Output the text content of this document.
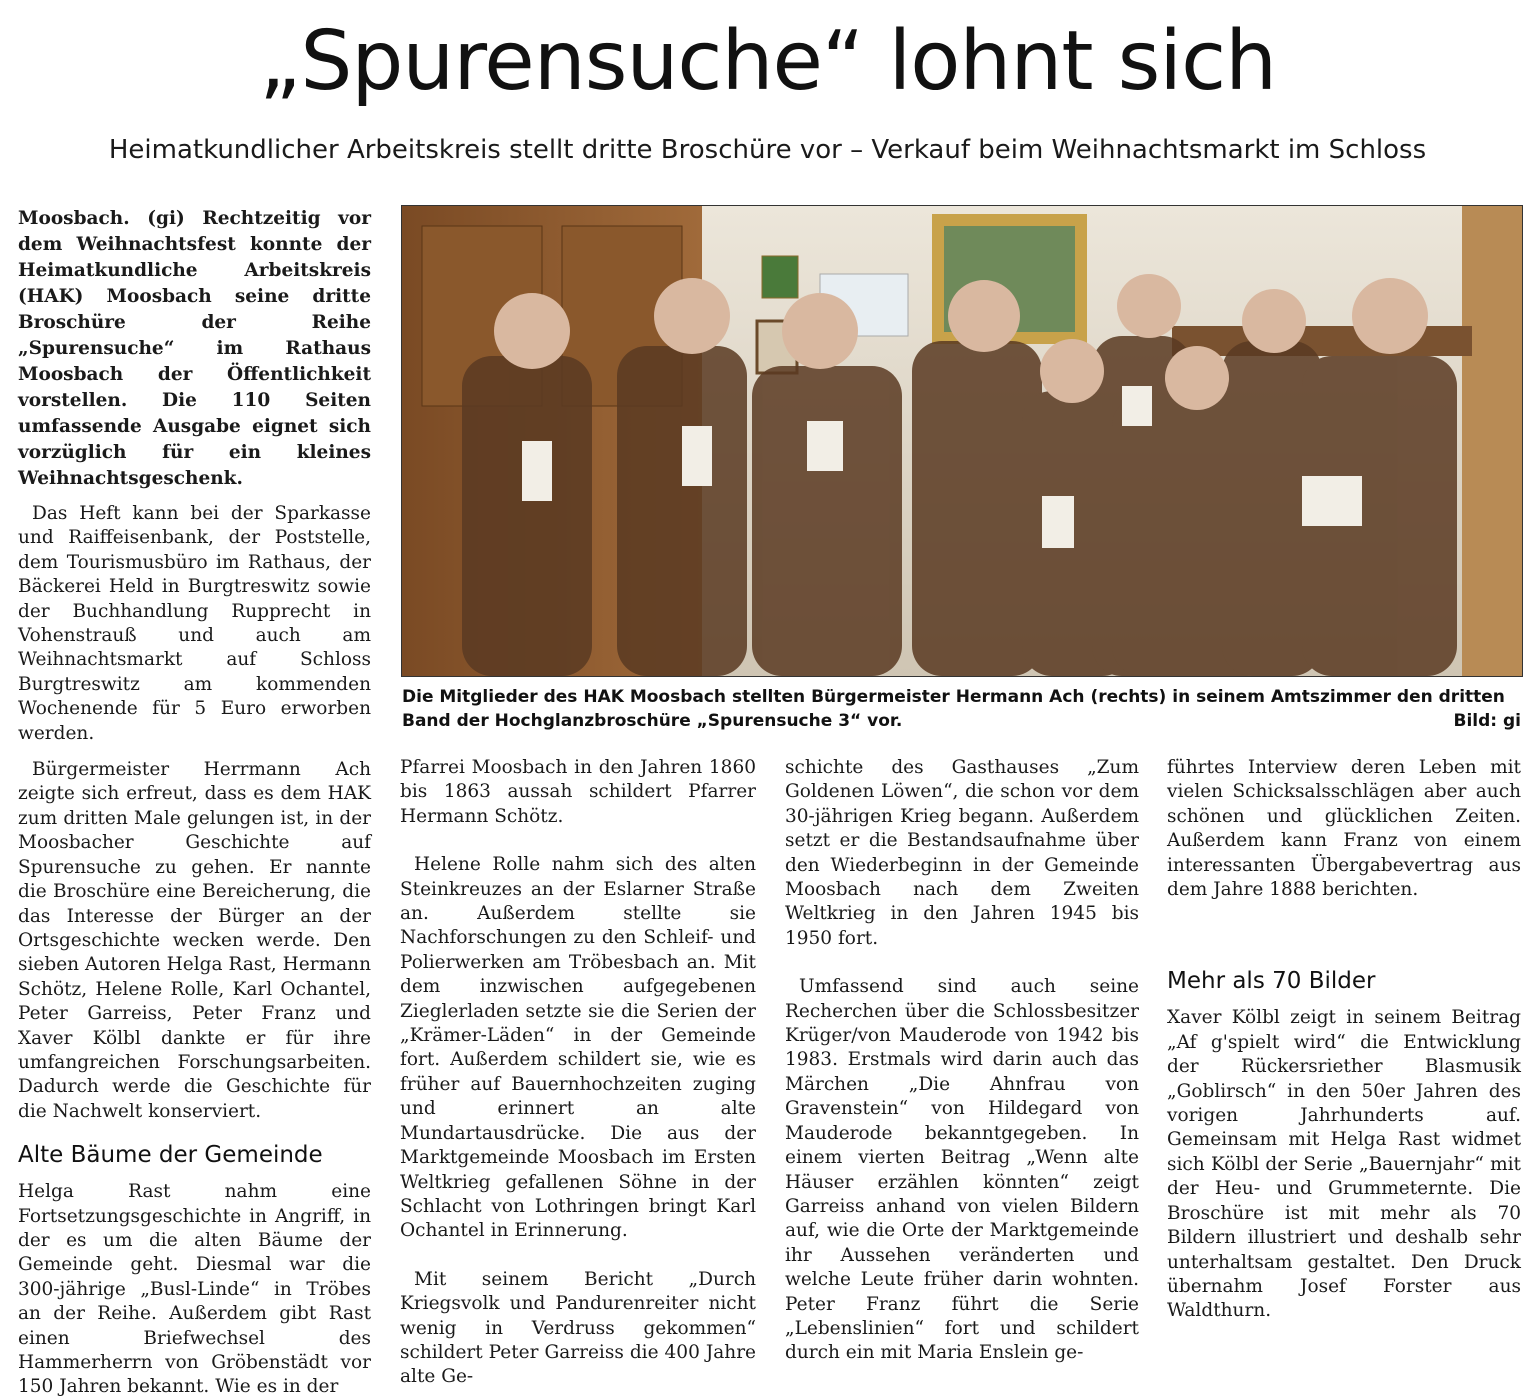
„Spurensuche“ lohnt sich
Heimatkundlicher Arbeitskreis stellt dritte Broschüre vor – Verkauf beim Weihnachtsmarkt im Schloss

Moosbach. (gi) Rechtzeitig vor dem Weihnachtsfest konnte der Heimatkundliche Arbeitskreis (HAK) Moosbach seine dritte Broschüre der Reihe „Spurensuche“ im Rathaus Moosbach der Öffentlichkeit vorstellen. Die 110 Seiten umfassende Ausgabe eignet sich vorzüglich für ein kleines Weihnachtsgeschenk.

Das Heft kann bei der Sparkasse und Raiffeisenbank, der Poststelle, dem Tourismusbüro im Rathaus, der Bäckerei Held in Burgtreswitz sowie der Buchhandlung Rupprecht in Vohenstrauß und auch am Weihnachtsmarkt auf Schloss Burgtreswitz am kommenden Wochenende für 5 Euro erworben werden.

Bürgermeister Herrmann Ach zeigte sich erfreut, dass es dem HAK zum dritten Male gelungen ist, in der Moosbacher Geschichte auf Spurensuche zu gehen. Er nannte die Broschüre eine Bereicherung, die das Interesse der Bürger an der Ortsgeschichte wecken werde. Den sieben Autoren Helga Rast, Hermann Schötz, Helene Rolle, Karl Ochantel, Peter Garreiss, Peter Franz und Xaver Kölbl dankte er für ihre umfangreichen Forschungsarbeiten. Dadurch werde die Geschichte für die Nachwelt konserviert.

Alte Bäume der Gemeinde

Helga Rast nahm eine Fortsetzungsgeschichte in Angriff, in der es um die alten Bäume der Gemeinde geht. Diesmal war die 300-jährige „Busl-Linde“ in Tröbes an der Reihe. Außerdem gibt Rast einen Briefwechsel des Hammerherrn von Gröbenstädt vor 150 Jahren bekannt. Wie es in der

Die Mitglieder des HAK Moosbach stellten Bürgermeister Hermann Ach (rechts) in seinem Amtszimmer den dritten Band der Hochglanzbroschüre „Spurensuche 3“ vor.	Bild: gi

Pfarrei Moosbach in den Jahren 1860 bis 1863 aussah schildert Pfarrer Hermann Schötz.

Helene Rolle nahm sich des alten Steinkreuzes an der Eslarner Straße an. Außerdem stellte sie Nachforschungen zu den Schleif- und Polierwerken am Tröbesbach an. Mit dem inzwischen aufgegebenen Zieglerladen setzte sie die Serien der „Krämer-Läden“ in der Gemeinde fort. Außerdem schildert sie, wie es früher auf Bauernhochzeiten zuging und erinnert an alte Mundartausdrücke. Die aus der Marktgemeinde Moosbach im Ersten Weltkrieg gefallenen Söhne in der Schlacht von Lothringen bringt Karl Ochantel in Erinnerung.

Mit seinem Bericht „Durch Kriegsvolk und Pandurenreiter nicht wenig in Verdruss gekommen“ schildert Peter Garreiss die 400 Jahre alte Ge-

schichte des Gasthauses „Zum Goldenen Löwen“, die schon vor dem 30-jährigen Krieg begann. Außerdem setzt er die Bestandsaufnahme über den Wiederbeginn in der Gemeinde Moosbach nach dem Zweiten Weltkrieg in den Jahren 1945 bis 1950 fort.

Umfassend sind auch seine Recherchen über die Schlossbesitzer Krüger/von Mauderode von 1942 bis 1983. Erstmals wird darin auch das Märchen „Die Ahnfrau von Gravenstein“ von Hildegard von Mauderode bekanntgegeben. In einem vierten Beitrag „Wenn alte Häuser erzählen könnten“ zeigt Garreiss anhand von vielen Bildern auf, wie die Orte der Marktgemeinde ihr Aussehen veränderten und welche Leute früher darin wohnten. Peter Franz führt die Serie „Lebenslinien“ fort und schildert durch ein mit Maria Enslein ge-

führtes Interview deren Leben mit vielen Schicksalsschlägen aber auch schönen und glücklichen Zeiten. Außerdem kann Franz von einem interessanten Übergabevertrag aus dem Jahre 1888 berichten.

Mehr als 70 Bilder

Xaver Kölbl zeigt in seinem Beitrag „Af g'spielt wird“ die Entwicklung der Rückersriether Blasmusik „Goblirsch“ in den 50er Jahren des vorigen Jahrhunderts auf. Gemeinsam mit Helga Rast widmet sich Kölbl der Serie „Bauernjahr“ mit der Heu- und Grummeternte. Die Broschüre ist mit mehr als 70 Bildern illustriert und deshalb sehr unterhaltsam gestaltet. Den Druck übernahm Josef Forster aus Waldthurn.
